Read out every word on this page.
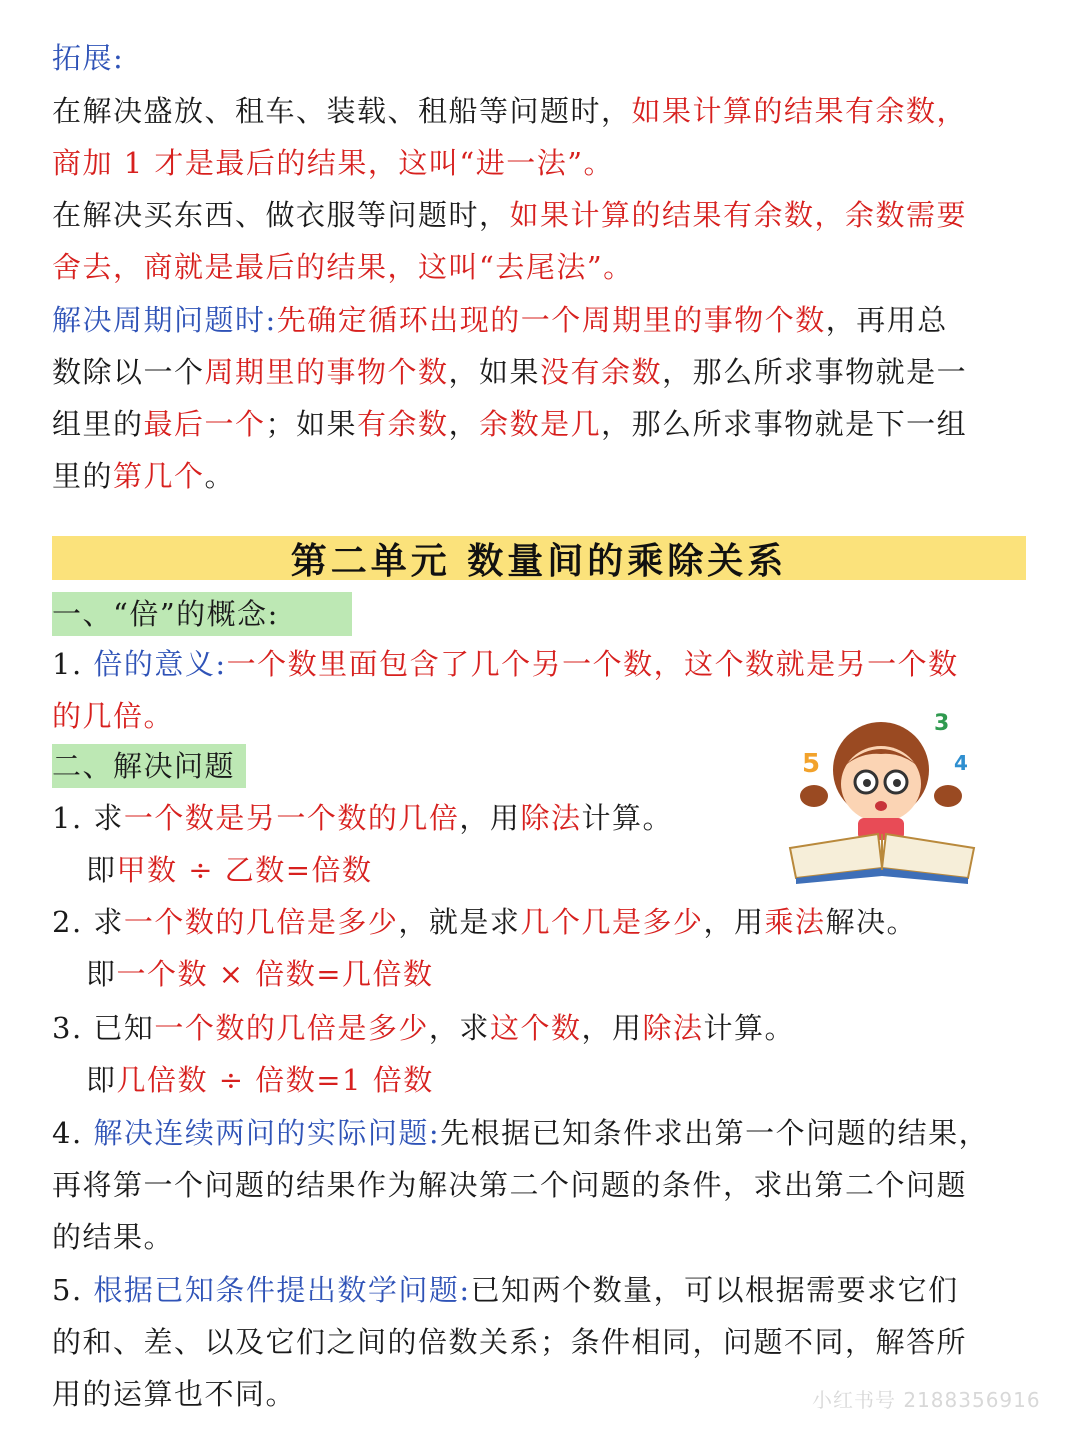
拓展:
在解决盛放、租车、装载、租船等问题时，如果计算的结果有余数，
商加 1 才是最后的结果，这叫“进一法”。
在解决买东西、做衣服等问题时，如果计算的结果有余数，余数需要
舍去，商就是最后的结果，这叫“去尾法”。
解决周期问题时:先确定循环出现的一个周期里的事物个数，再用总
数除以一个周期里的事物个数，如果没有余数，那么所求事物就是一
组里的最后一个；如果有余数，余数是几，那么所求事物就是下一组
里的第几个。
第二单元 数量间的乘除关系
一、“倍”的概念:
1. 倍的意义:一个数里面包含了几个另一个数，这个数就是另一个数
的几倍。
二、解决问题
1. 求一个数是另一个数的几倍，用除法计算。
即甲数 ÷ 乙数=倍数
2. 求一个数的几倍是多少，就是求几个几是多少，用乘法解决。
即一个数 × 倍数=几倍数
3. 已知一个数的几倍是多少，求这个数，用除法计算。
即几倍数 ÷ 倍数=1 倍数
4. 解决连续两问的实际问题:先根据已知条件求出第一个问题的结果，
再将第一个问题的结果作为解决第二个问题的条件，求出第二个问题
的结果。
5. 根据已知条件提出数学问题:已知两个数量，可以根据需要求它们
的和、差、以及它们之间的倍数关系；条件相同，问题不同，解答所
用的运算也不同。
5
3
4
小红书号 2188356916
